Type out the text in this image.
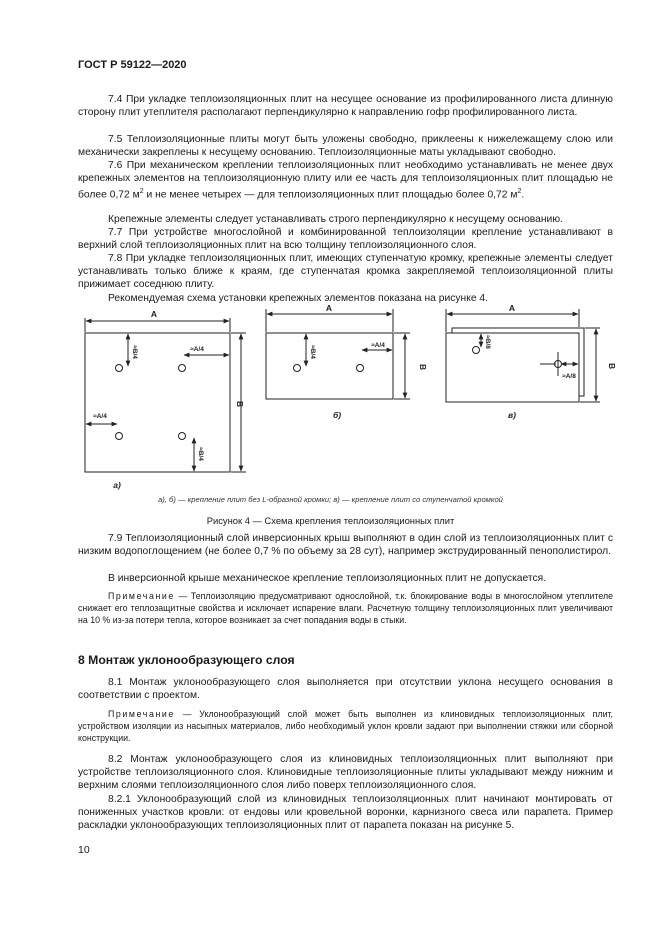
ГОСТ Р 59122—2020

7.4 При укладке теплоизоляционных плит на несущее основание из профилированного листа длинную сторону плит утеплителя располагают перпендикулярно к направлению гофр профилированного листа.

7.5 Теплоизоляционные плиты могут быть уложены свободно, приклеены к нижележащему слою или механически закреплены к несущему основанию. Теплоизоляционные маты укладывают свободно.

7.6 При механическом креплении теплоизоляционных плит необходимо устанавливать не менее двух крепежных элементов на теплоизоляционную плиту или ее часть для теплоизоляционных плит площадью не более 0,72 $м^2$ и не менее четырех — для теплоизоляционных плит площадью более 0,72 $м^2$.

Крепежные элементы следует устанавливать строго перпендикулярно к несущему основанию.

7.7 При устройстве многослойной и комбинированной теплоизоляции крепление устанавливают в верхний слой теплоизоляционных плит на всю толщину теплоизоляционного слоя.

7.8 При укладке теплоизоляционных плит, имеющих ступенчатую кромку, крепежные элементы следует устанавливать только ближе к краям, где ступенчатая кромка закрепляемой теплоизоляционной плиты прижимает соседнюю плиту.

Рекомендуемая схема установки крепежных элементов показана на рисунке 4.

A
B
A
B
A
B
≈B/4	≈A/4
≈A/4
≈B/4
≈B/4	≈A/4	≈B/8
≈A/8
а)
б)	в)
а), б) — крепление плит без L-образной кромки; в) — крепление плит со ступенчатой кромкой
Рисунок 4 — Схема крепления теплоизоляционных плит

7.9 Теплоизоляционный слой инверсионных крыш выполняют в один слой из теплоизоляционных плит с низким водопоглощением (не более 0,7 % по объему за 28 сут), например экструдированный пенополистирол.

В инверсионной крыше механическое крепление теплоизоляционных плит не допускается.

Примечание — Теплоизоляцию предусматривают однослойной, т.к. блокирование воды в многослойном утеплителе снижает его теплозащитные свойства и исключает испарение влаги. Расчетную толщину теплоизоляционных плит увеличивают на 10 % из-за потери тепла, которое возникает за счет попадания воды в стыки.

8 Монтаж уклонообразующего слоя

8.1 Монтаж уклонообразующего слоя выполняется при отсутствии уклона несущего основания в соответствии с проектом.

Примечание — Уклонообразующий слой может быть выполнен из клиновидных теплоизоляционных плит, устройством изоляции из насыпных материалов, либо необходимый уклон кровли задают при выполнении стяжки или сборной конструкции.

8.2 Монтаж уклонообразующего слоя из клиновидных теплоизоляционных плит выполняют при устройстве теплоизоляционного слоя. Клиновидные теплоизоляционные плиты укладывают между нижним и верхним слоями теплоизоляционного слоя либо поверх теплоизоляционного слоя.

8.2.1 Уклонообразующий слой из клиновидных теплоизоляционных плит начинают монтировать от пониженных участков кровли: от ендовы или кровельной воронки, карнизного свеса или парапета. Пример раскладки уклонообразующих теплоизоляционных плит от парапета показан на рисунке 5.

10
